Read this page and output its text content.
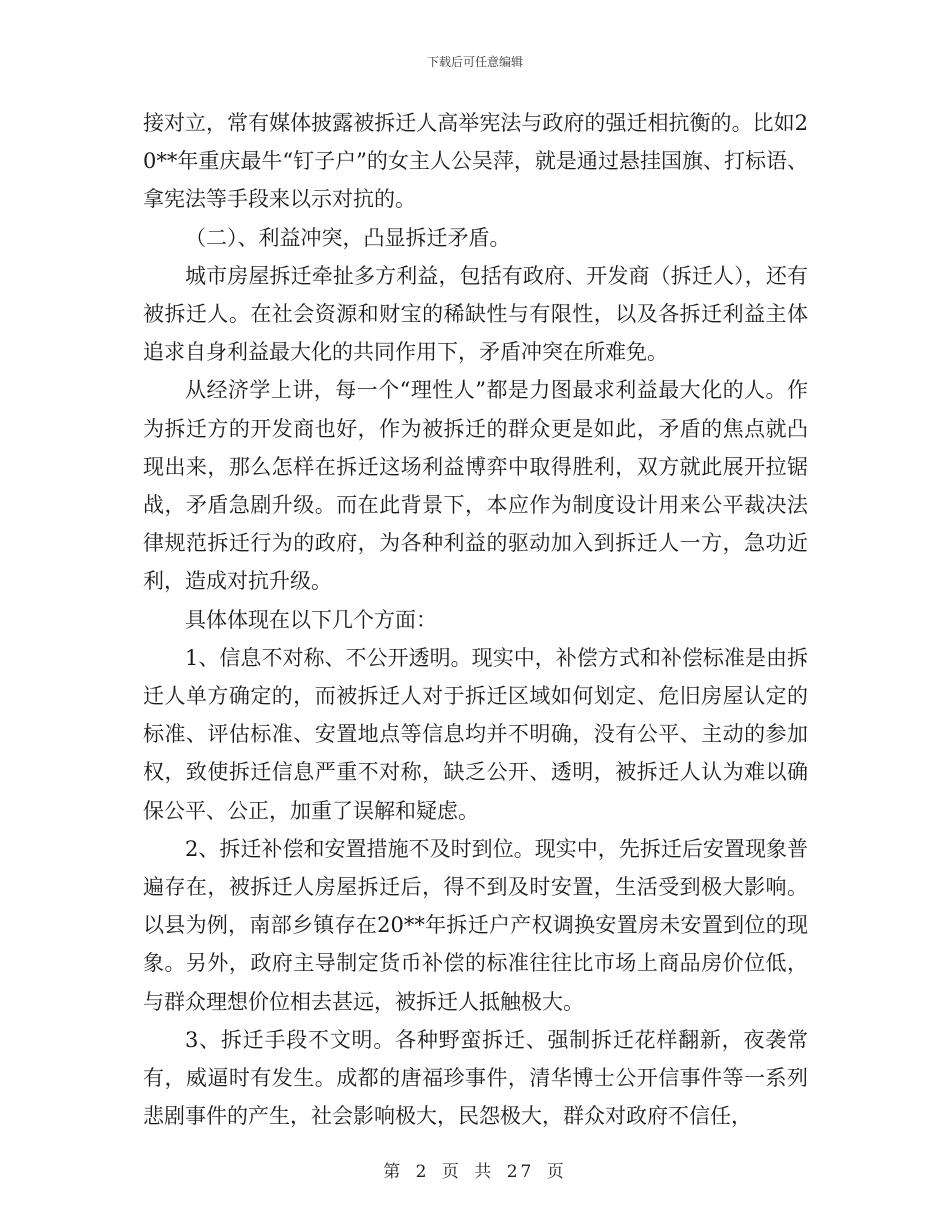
下载后可任意编辑

接对立，常有媒体披露被拆迁人高举宪法与政府的强迁相抗衡的。比如20**年重庆最牛“钉子户”的女主人公吴萍，就是通过悬挂国旗、打标语、拿宪法等手段来以示对抗的。

（二）、利益冲突，凸显拆迁矛盾。

城市房屋拆迁牵扯多方利益，包括有政府、开发商（拆迁人），还有被拆迁人。在社会资源和财宝的稀缺性与有限性，以及各拆迁利益主体追求自身利益最大化的共同作用下，矛盾冲突在所难免。

从经济学上讲，每一个“理性人”都是力图最求利益最大化的人。作为拆迁方的开发商也好，作为被拆迁的群众更是如此，矛盾的焦点就凸现出来，那么怎样在拆迁这场利益博弈中取得胜利，双方就此展开拉锯战，矛盾急剧升级。而在此背景下，本应作为制度设计用来公平裁决法律规范拆迁行为的政府，为各种利益的驱动加入到拆迁人一方，急功近利，造成对抗升级。

具体体现在以下几个方面：

1、信息不对称、不公开透明。现实中，补偿方式和补偿标准是由拆迁人单方确定的，而被拆迁人对于拆迁区域如何划定、危旧房屋认定的标准、评估标准、安置地点等信息均并不明确，没有公平、主动的参加权，致使拆迁信息严重不对称，缺乏公开、透明，被拆迁人认为难以确保公平、公正，加重了误解和疑虑。

2、拆迁补偿和安置措施不及时到位。现实中，先拆迁后安置现象普遍存在，被拆迁人房屋拆迁后，得不到及时安置，生活受到极大影响。以县为例，南部乡镇存在20**年拆迁户产权调换安置房未安置到位的现象。另外，政府主导制定货币补偿的标准往往比市场上商品房价位低，与群众理想价位相去甚远，被拆迁人抵触极大。

3、拆迁手段不文明。各种野蛮拆迁、强制拆迁花样翻新，夜袭常有，威逼时有发生。成都的唐福珍事件，清华博士公开信事件等一系列悲剧事件的产生，社会影响极大，民怨极大，群众对政府不信任，

第 2 页 共 27 页
